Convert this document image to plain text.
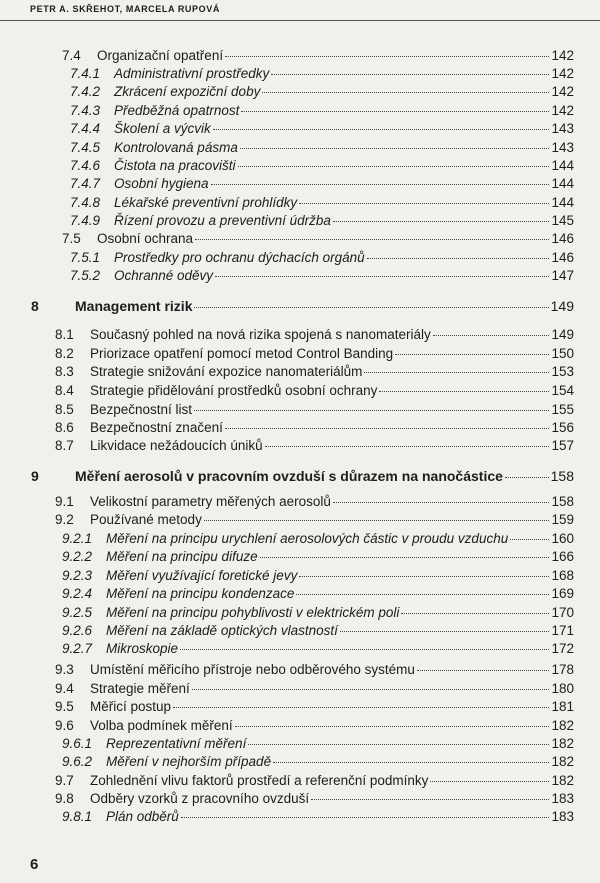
PETR A. SKŘEHOT, MARCELA RUPOVÁ
7.4	Organizační opatření	142
7.4.1	Administrativní prostředky	142
7.4.2	Zkrácení expoziční doby	142
7.4.3	Předběžná opatrnost	142
7.4.4	Školení a výcvik	143
7.4.5	Kontrolovaná pásma	143
7.4.6	Čistota na pracovišti	144
7.4.7	Osobní hygiena	144
7.4.8	Lékařské preventivní prohlídky	144
7.4.9	Řízení provozu a preventivní údržba	145
7.5	Osobní ochrana	146
7.5.1	Prostředky pro ochranu dýchacích orgánů	146
7.5.2	Ochranné oděvy	147
8	Management rizik	149
8.1	Současný pohled na nová rizika spojená s nanomateriály	149
8.2	Priorizace opatření pomocí metod Control Banding	150
8.3	Strategie snižování expozice nanomateriálům	153
8.4	Strategie přidělování prostředků osobní ochrany	154
8.5	Bezpečnostní list	155
8.6	Bezpečnostní značení	156
8.7	Likvidace nežádoucích úniků	157
9	Měření aerosolů v pracovním ovzduší s důrazem na nanočástice	158
9.1	Velikostní parametry měřených aerosolů	158
9.2	Používané metody	159
9.2.1	Měření na principu urychlení aerosolových částic v proudu vzduchu	160
9.2.2	Měření na principu difuze	166
9.2.3	Měření využívající foretické jevy	168
9.2.4	Měření na principu kondenzace	169
9.2.5	Měření na principu pohyblivosti v elektrickém poli	170
9.2.6	Měření na základě optických vlastností	171
9.2.7	Mikroskopie	172
9.3	Umístění měřicího přístroje nebo odběrového systému	178
9.4	Strategie měření	180
9.5	Měřicí postup	181
9.6	Volba podmínek měření	182
9.6.1	Reprezentativní měření	182
9.6.2	Měření v nejhorším případě	182
9.7	Zohlednění vlivu faktorů prostředí a referenční podmínky	182
9.8	Odběry vzorků z pracovního ovzduší	183
9.8.1	Plán odběrů	183
6
